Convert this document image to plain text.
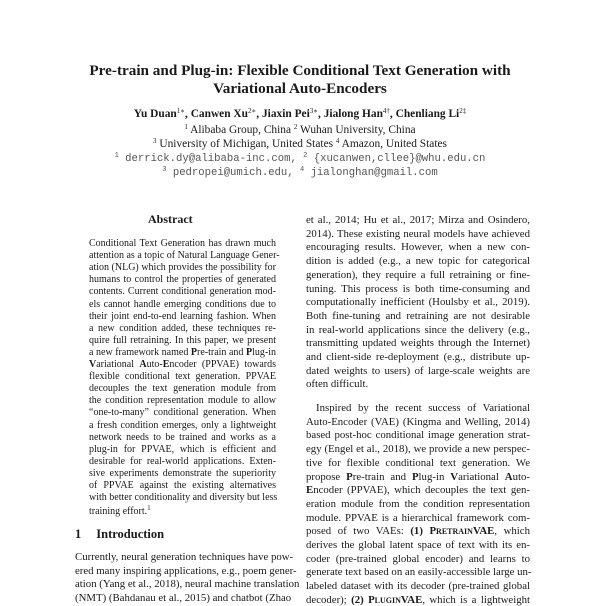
Pre-train and Plug-in: Flexible Conditional Text Generation with
Variational Auto-Encoders
Yu Duan$^{1∗}$, Canwen $Xu^{2∗}$, Jiaxin Pei$^{3∗}$, Jialong Han$^{4\dagger}$, Chenliang $Li^{2\ddagger}$
$^1$ Alibaba Group, China $^2$ Wuhan University, China
$^3$ University of Michigan, United States $^4$ Amazon, United States
$^1$ derrick.dy@alibaba-inc.com, $^2$ {xucanwen,cllee}@whu.edu.cn
$^3$ pedropei@umich.edu, $^4$ jialonghan@gmail.com
Abstract
Conditional Text Generation has drawn much
attention as a topic of Natural Language Gener-
ation (NLG) which provides the possibility for
humans to control the properties of generated
contents. Current conditional generation mod-
els cannot handle emerging conditions due to
their joint end-to-end learning fashion. When
a new condition added, these techniques re-
quire full retraining. In this paper, we present
a new framework named Pre-train and Plug-in
Variational Auto-Encoder (PPVAE) towards
flexible conditional text generation. PPVAE
decouples the text generation module from
the condition representation module to allow
“one-to-many” conditional generation. When
a fresh condition emerges, only a lightweight
network needs to be trained and works as a
plug-in for PPVAE, which is efficient and
desirable for real-world applications. Exten-
sive experiments demonstrate the superiority
of PPVAE against the existing alternatives
with better conditionality and diversity but less
training effort.$^1$
1 Introduction
Currently, neural generation techniques have pow-
ered many inspiring applications, e.g., poem gener-
ation (Yang et al., 2018), neural machine translation
(NMT) (Bahdanau et al., 2015) and chatbot (Zhao
et al., 2014; Hu et al., 2017; Mirza and Osindero,
2014). These existing neural models have achieved
encouraging results. However, when a new con-
dition is added (e.g., a new topic for categorical
generation), they require a full retraining or fine-
tuning. This process is both time-consuming and
computationally inefficient (Houlsby et al., 2019).
Both fine-tuning and retraining are not desirable
in real-world applications since the delivery (e.g.,
transmitting updated weights through the Internet)
and client-side re-deployment (e.g., distribute up-
dated weights to users) of large-scale weights are
often difficult.
Inspired by the recent success of Variational
Auto-Encoder (VAE) (Kingma and Welling, 2014)
based post-hoc conditional image generation strat-
egy (Engel et al., 2018), we provide a new perspec-
tive for flexible conditional text generation. We
propose Pre-train and Plug-in Variational Auto-
Encoder (PPVAE), which decouples the text gen-
eration module from the condition representation
module. PPVAE is a hierarchical framework com-
posed of two VAEs: (1) PretrainVAE, which
derives the global latent space of text with its en-
coder (pre-trained global encoder) and learns to
generate text based on an easily-accessible large un-
labeled dataset with its decoder (pre-trained global
decoder); (2) PluginVAE, which is a lightweight
